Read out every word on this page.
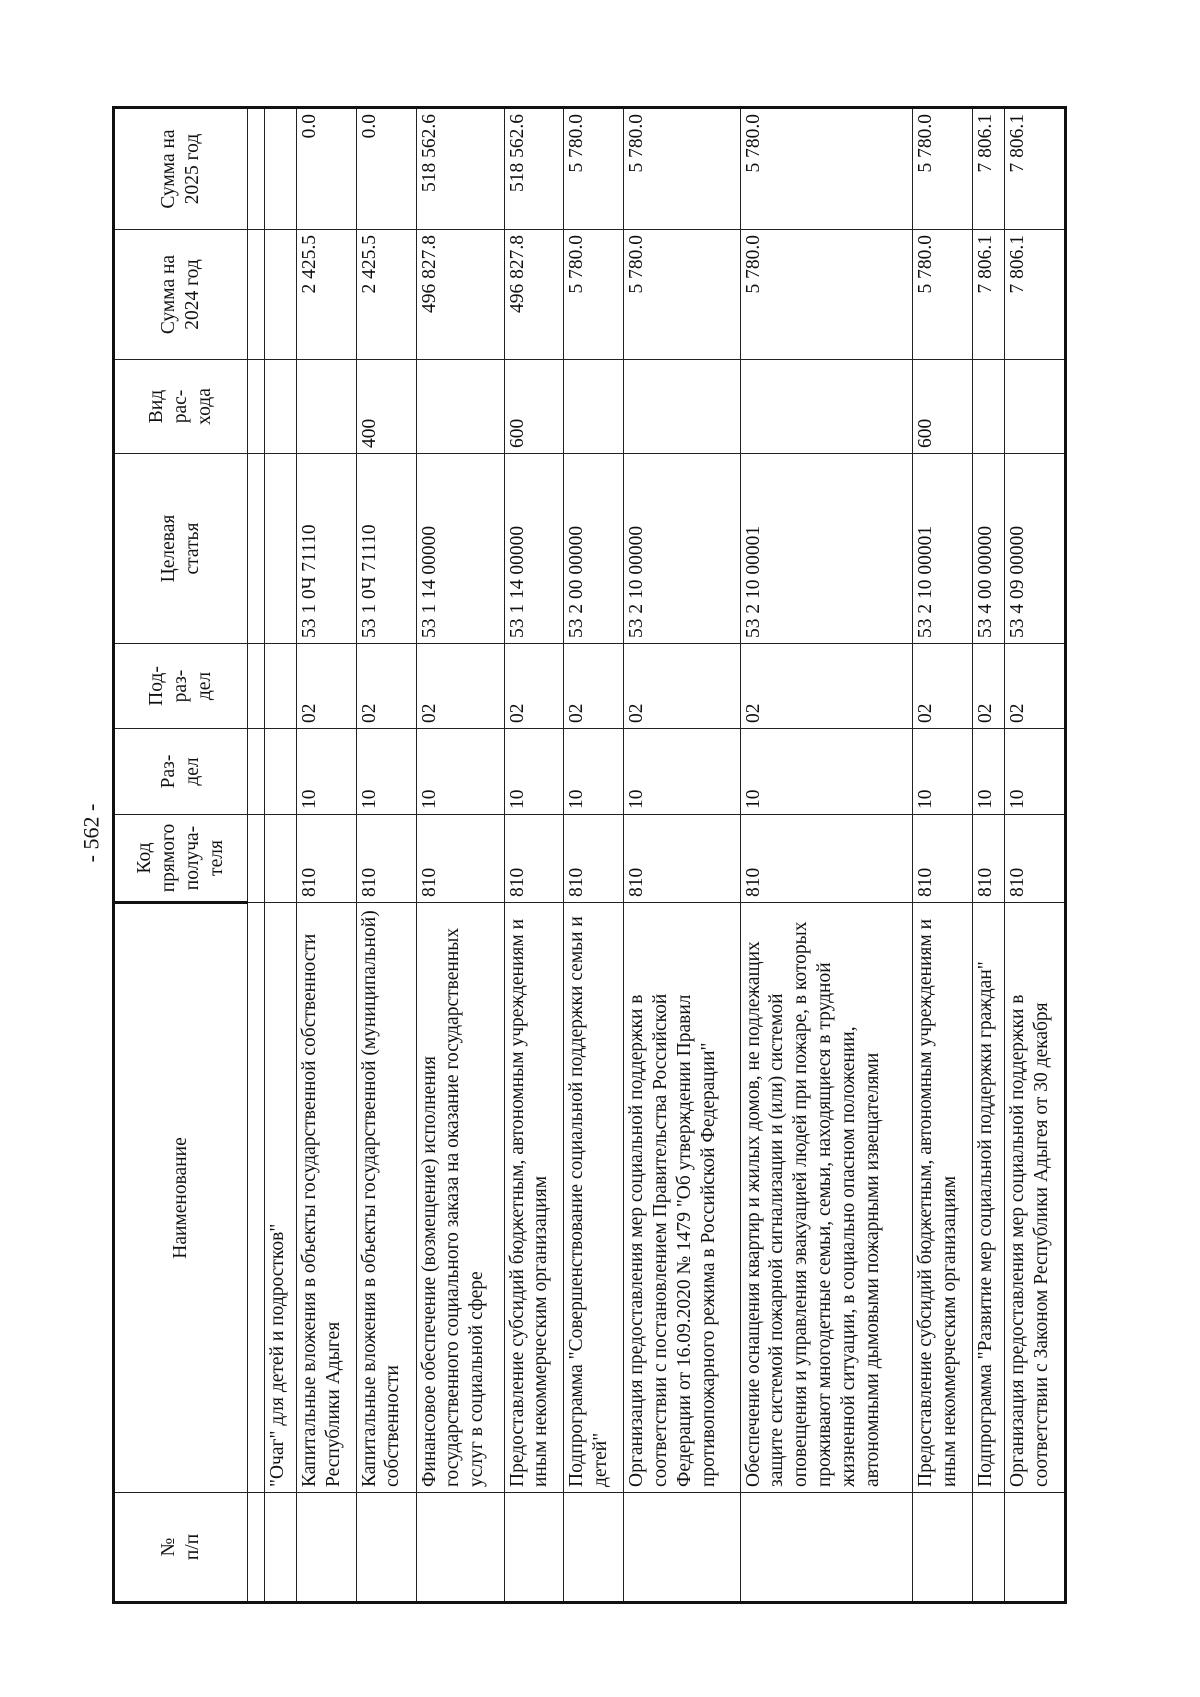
- 562 -
№
п/п	Наименование	Код
прямого
получа-
теля	Раз-
дел	Под-
раз-
дел	Целевая
статья	Вид
рас-
хода	Сумма на
2024 год	Сумма на
2025 год

	"Очаг" для детей и подростков"							
	Капитальные вложения в объекты государственной собственности Республики Адыгея	810	10	02	53 1 0Ч 71110		2 425.5	0.0
	Капитальные вложения в объекты государственной (муниципальной) собственности	810	10	02	53 1 0Ч 71110	400	2 425.5	0.0
	Финансовое обеспечение (возмещение) исполнения государственного социального заказа на оказание государственных услуг в социальной сфере	810	10	02	53 1 14 00000		496 827.8	518 562.6
	Предоставление субсидий бюджетным, автономным учреждениям и иным некоммерческим организациям	810	10	02	53 1 14 00000	600	496 827.8	518 562.6
	Подпрограмма "Совершенствование социальной поддержки семьи и детей"	810	10	02	53 2 00 00000		5 780.0	5 780.0
	Организация предоставления мер социальной поддержки в соответствии с постановлением Правительства Российской Федерации от 16.09.2020 № 1479 "Об утверждении Правил противопожарного режима в Российской Федерации"	810	10	02	53 2 10 00000		5 780.0	5 780.0
	Обеспечение оснащения квартир и жилых домов, не подлежащих защите системой пожарной сигнализации и (или) системой оповещения и управления эвакуацией людей при пожаре, в которых проживают многодетные семьи, семьи, находящиеся в трудной жизненной ситуации, в социально опасном положении, автономными дымовыми пожарными извещателями	810	10	02	53 2 10 00001		5 780.0	5 780.0
	Предоставление субсидий бюджетным, автономным учреждениям и иным некоммерческим организациям	810	10	02	53 2 10 00001	600	5 780.0	5 780.0
	Подпрограмма "Развитие мер социальной поддержки граждан"	810	10	02	53 4 00 00000		7 806.1	7 806.1
	Организация предоставления мер социальной поддержки в соответствии с Законом Республики Адыгея от 30 декабря	810	10	02	53 4 09 00000		7 806.1	7 806.1
